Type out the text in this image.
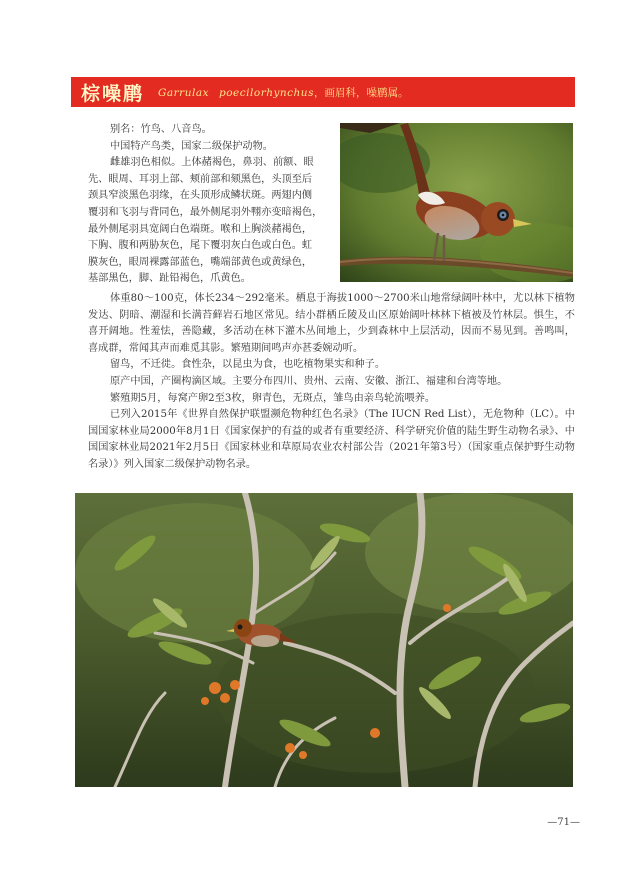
棕噪鹛 Garrulax poecilorhynchus，画眉科，噪鹛属。

别名：竹鸟、八音鸟。

中国特产鸟类，国家二级保护动物。

雌雄羽色相似。上体赭褐色，鼻羽、前额、眼

先、眼周、耳羽上部、颊前部和颏黑色，头顶至后

颈具窄淡黑色羽缘，在头顶形成鳞状斑。两翅内侧

覆羽和飞羽与背同色，最外侧尾羽外翈亦变暗褐色，

最外侧尾羽具宽阔白色端斑。喉和上胸淡赭褐色，

下胸、腹和两胁灰色，尾下覆羽灰白色或白色。虹

膜灰色，眼周裸露部蓝色，嘴端部黄色或黄绿色，

基部黑色，脚、趾铅褐色，爪黄色。

体重80～100克，体长234～292毫米。栖息于海拔1000～2700米山地常绿阔叶林中，尤以林下植物发达、阴暗、潮湿和长满苔藓岩石地区常见。结小群栖丘陵及山区原始阔叶林林下植被及竹林层。惧生，不喜开阔地。性羞怯，善隐藏，多活动在林下灌木丛间地上，少到森林中上层活动，因而不易见到。善鸣叫，喜成群，常闻其声而难觅其影。繁殖期间鸣声亦甚委婉动听。

留鸟，不迁徙。食性杂，以昆虫为食，也吃植物果实和种子。

原产中国，产圈构滴区域。主要分布四川、贵州、云南、安徽、浙江、福建和台湾等地。

繁殖期5月，每窝产卵2至3枚，卵青色，无斑点，雏鸟由亲鸟轮流喂养。

已列入2015年《世界自然保护联盟濒危物种红色名录》（The IUCN Red List），无危物种（LC）。中国国家林业局2000年8月1日《国家保护的有益的或者有重要经济、科学研究价值的陆生野生动物名录》、中国国家林业局2021年2月5日《国家林业和草原局农业农村部公告（2021年第3号）（国家重点保护野生动物名录）》列入国家二级保护动物名录。

—71—
